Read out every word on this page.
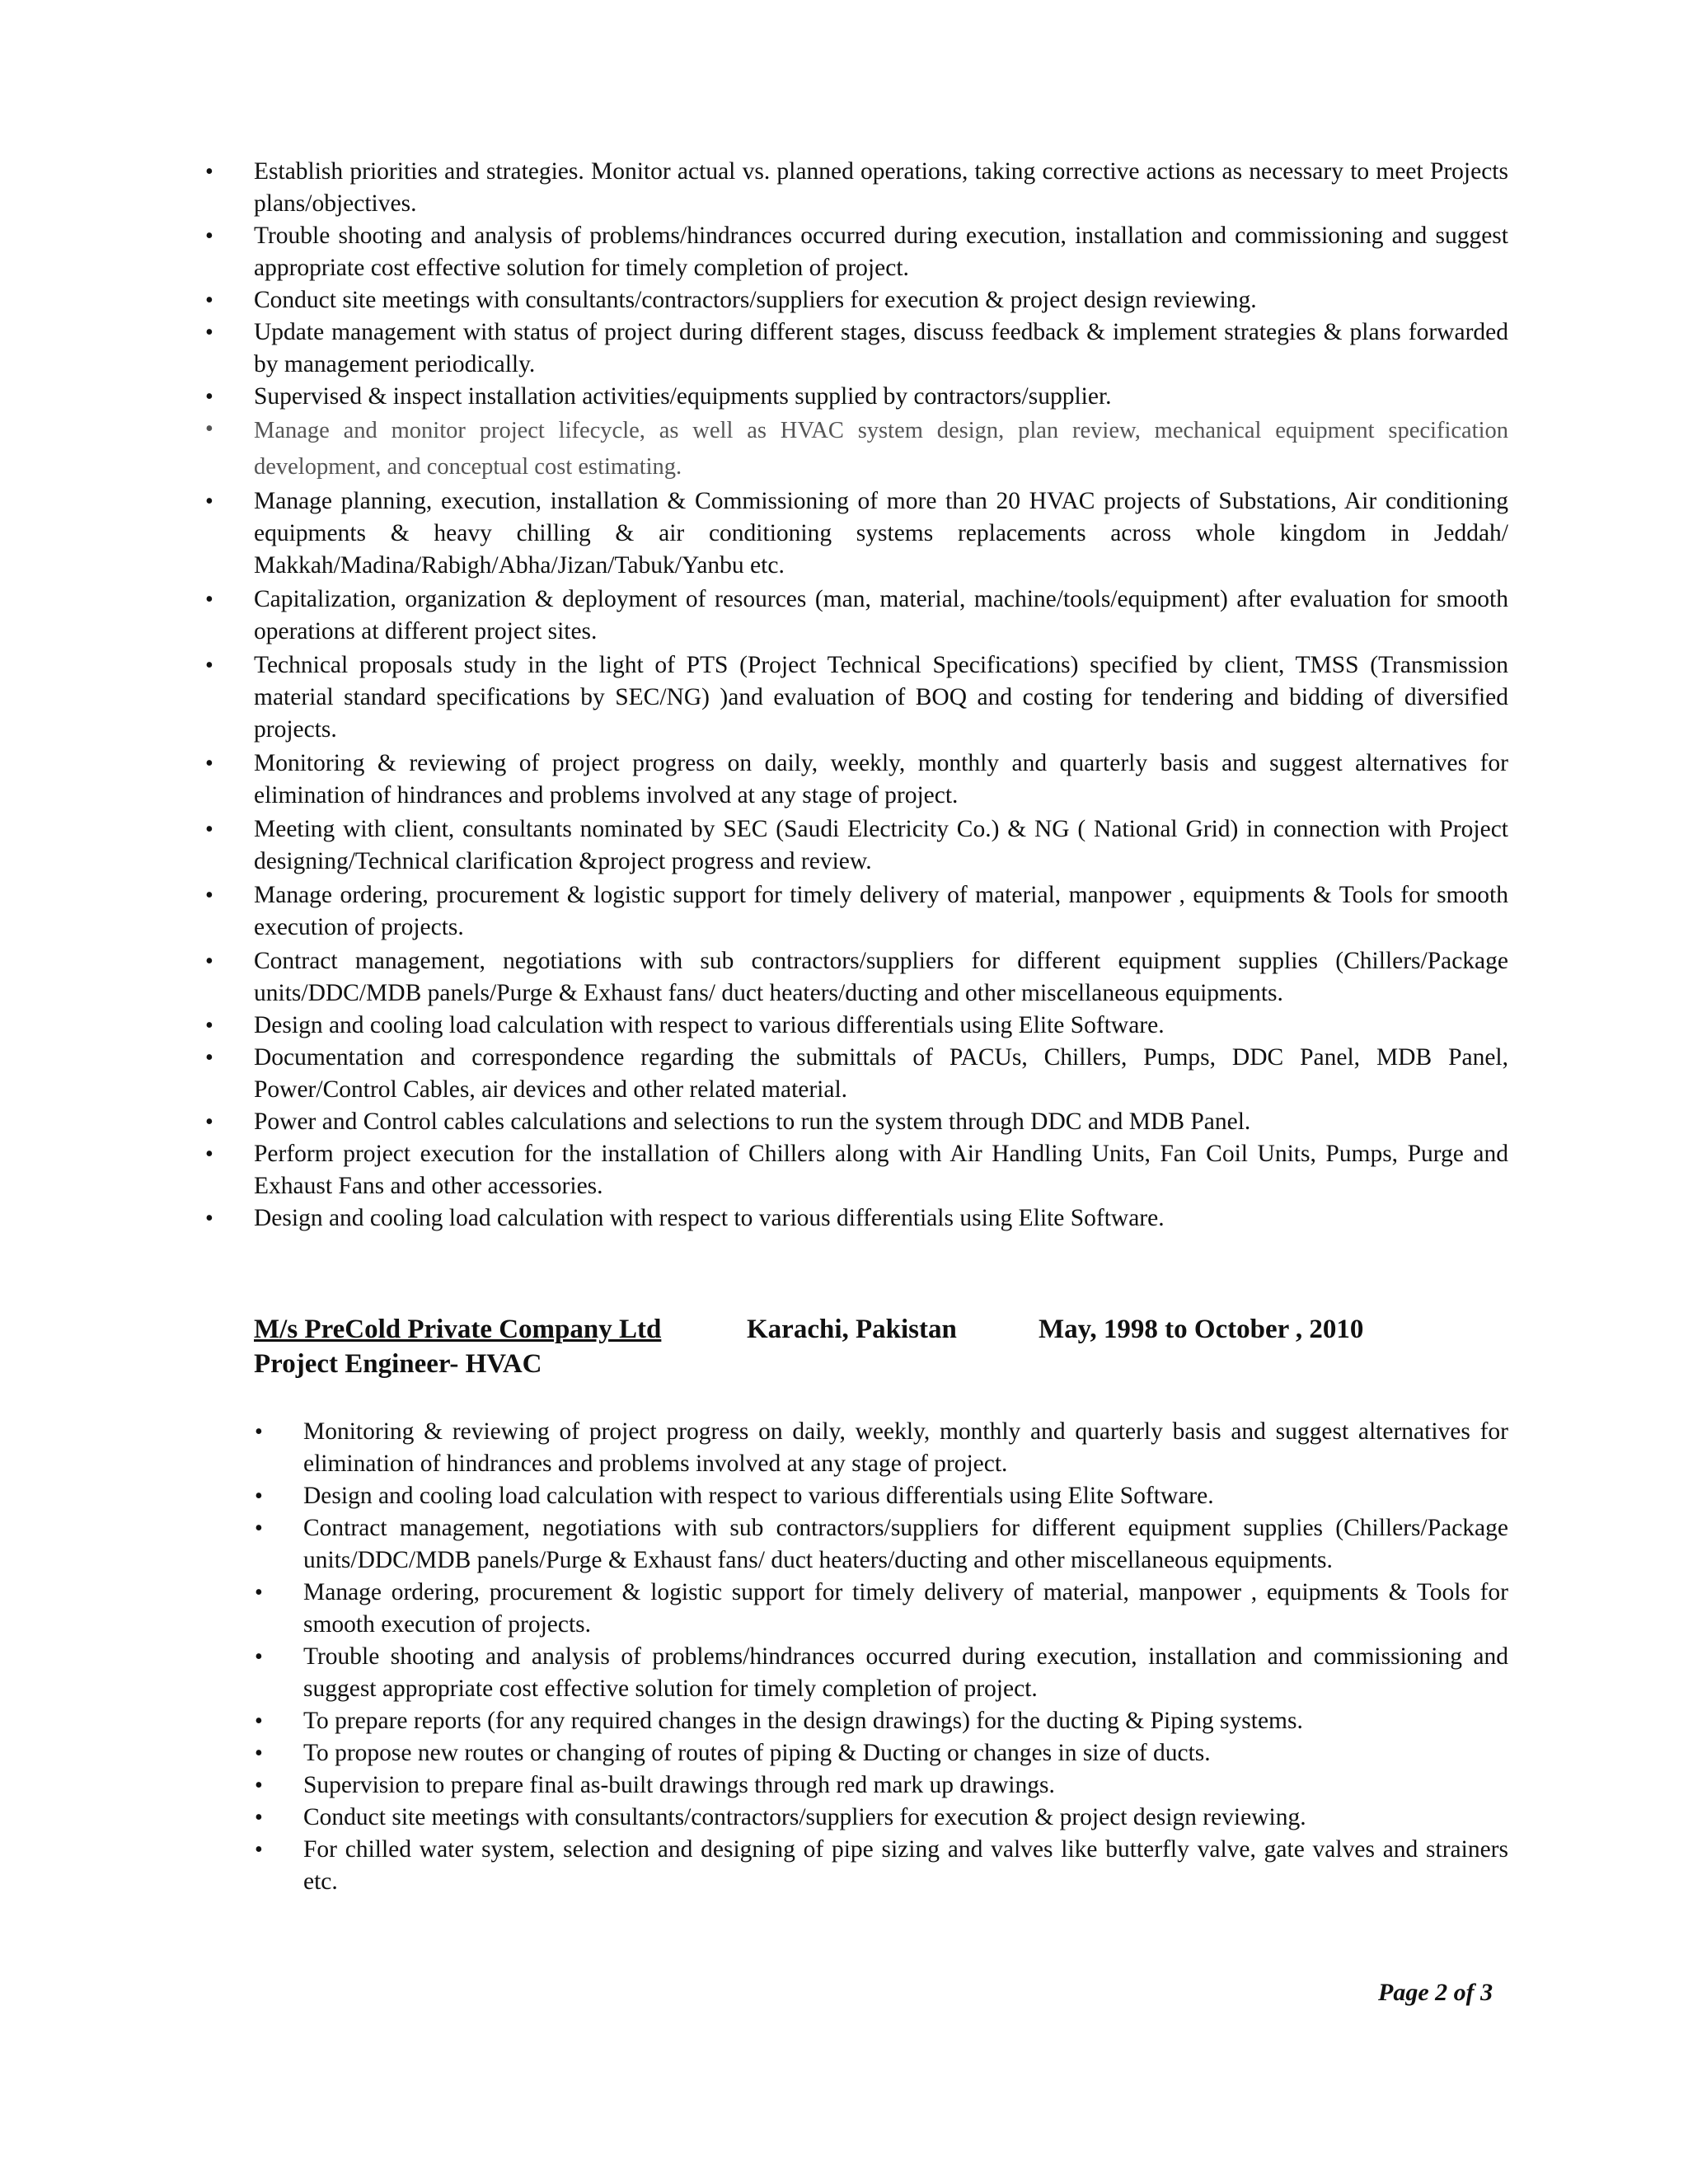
• Establish priorities and strategies. Monitor actual vs. planned operations, taking corrective actions as necessary to meet Projects plans/objectives.
• Trouble shooting and analysis of problems/hindrances occurred during execution, installation and commissioning and suggest appropriate cost effective solution for timely completion of project.
• Conduct site meetings with consultants/contractors/suppliers for execution & project design reviewing.
• Update management with status of project during different stages, discuss feedback & implement strategies & plans forwarded by management periodically.
• Supervised & inspect installation activities/equipments supplied by contractors/supplier.
• Manage and monitor project lifecycle, as well as HVAC system design, plan review, mechanical equipment specification development, and conceptual cost estimating.
• Manage planning, execution, installation & Commissioning of more than 20 HVAC projects of Substations, Air conditioning equipments & heavy chilling & air conditioning systems replacements across whole kingdom in Jeddah/ Makkah/Madina/Rabigh/Abha/Jizan/Tabuk/Yanbu etc.
• Capitalization, organization & deployment of resources (man, material, machine/tools/equipment) after evaluation for smooth operations at different project sites.
• Technical proposals study in the light of PTS (Project Technical Specifications) specified by client, TMSS (Transmission material standard specifications by SEC/NG) )and evaluation of BOQ and costing for tendering and bidding of diversified projects.
• Monitoring & reviewing of project progress on daily, weekly, monthly and quarterly basis and suggest alternatives for elimination of hindrances and problems involved at any stage of project.
• Meeting with client, consultants nominated by SEC (Saudi Electricity Co.) & NG ( National Grid) in connection with Project designing/Technical clarification &project progress and review.
• Manage ordering, procurement & logistic support for timely delivery of material, manpower , equipments & Tools for smooth execution of projects.
• Contract management, negotiations with sub contractors/suppliers for different equipment supplies (Chillers/Package units/DDC/MDB panels/Purge & Exhaust fans/ duct heaters/ducting and other miscellaneous equipments.
• Design and cooling load calculation with respect to various differentials using Elite Software.
• Documentation and correspondence regarding the submittals of PACUs, Chillers, Pumps, DDC Panel, MDB Panel, Power/Control Cables, air devices and other related material.
• Power and Control cables calculations and selections to run the system through DDC and MDB Panel.
• Perform project execution for the installation of Chillers along with Air Handling Units, Fan Coil Units, Pumps, Purge and Exhaust Fans and other accessories.
• Design and cooling load calculation with respect to various differentials using Elite Software.
M/s PreCold Private Company Ltd	Karachi, Pakistan	May, 1998 to October , 2010
Project Engineer- HVAC
• Monitoring & reviewing of project progress on daily, weekly, monthly and quarterly basis and suggest alternatives for elimination of hindrances and problems involved at any stage of project.
• Design and cooling load calculation with respect to various differentials using Elite Software.
• Contract management, negotiations with sub contractors/suppliers for different equipment supplies (Chillers/Package units/DDC/MDB panels/Purge & Exhaust fans/ duct heaters/ducting and other miscellaneous equipments.
• Manage ordering, procurement & logistic support for timely delivery of material, manpower , equipments & Tools for smooth execution of projects.
• Trouble shooting and analysis of problems/hindrances occurred during execution, installation and commissioning and suggest appropriate cost effective solution for timely completion of project.
• To prepare reports (for any required changes in the design drawings) for the ducting & Piping systems.
• To propose new routes or changing of routes of piping & Ducting or changes in size of ducts.
• Supervision to prepare final as-built drawings through red mark up drawings.
• Conduct site meetings with consultants/contractors/suppliers for execution & project design reviewing.
• For chilled water system, selection and designing of pipe sizing and valves like butterfly valve, gate valves and strainers etc.
Page 2 of 3
